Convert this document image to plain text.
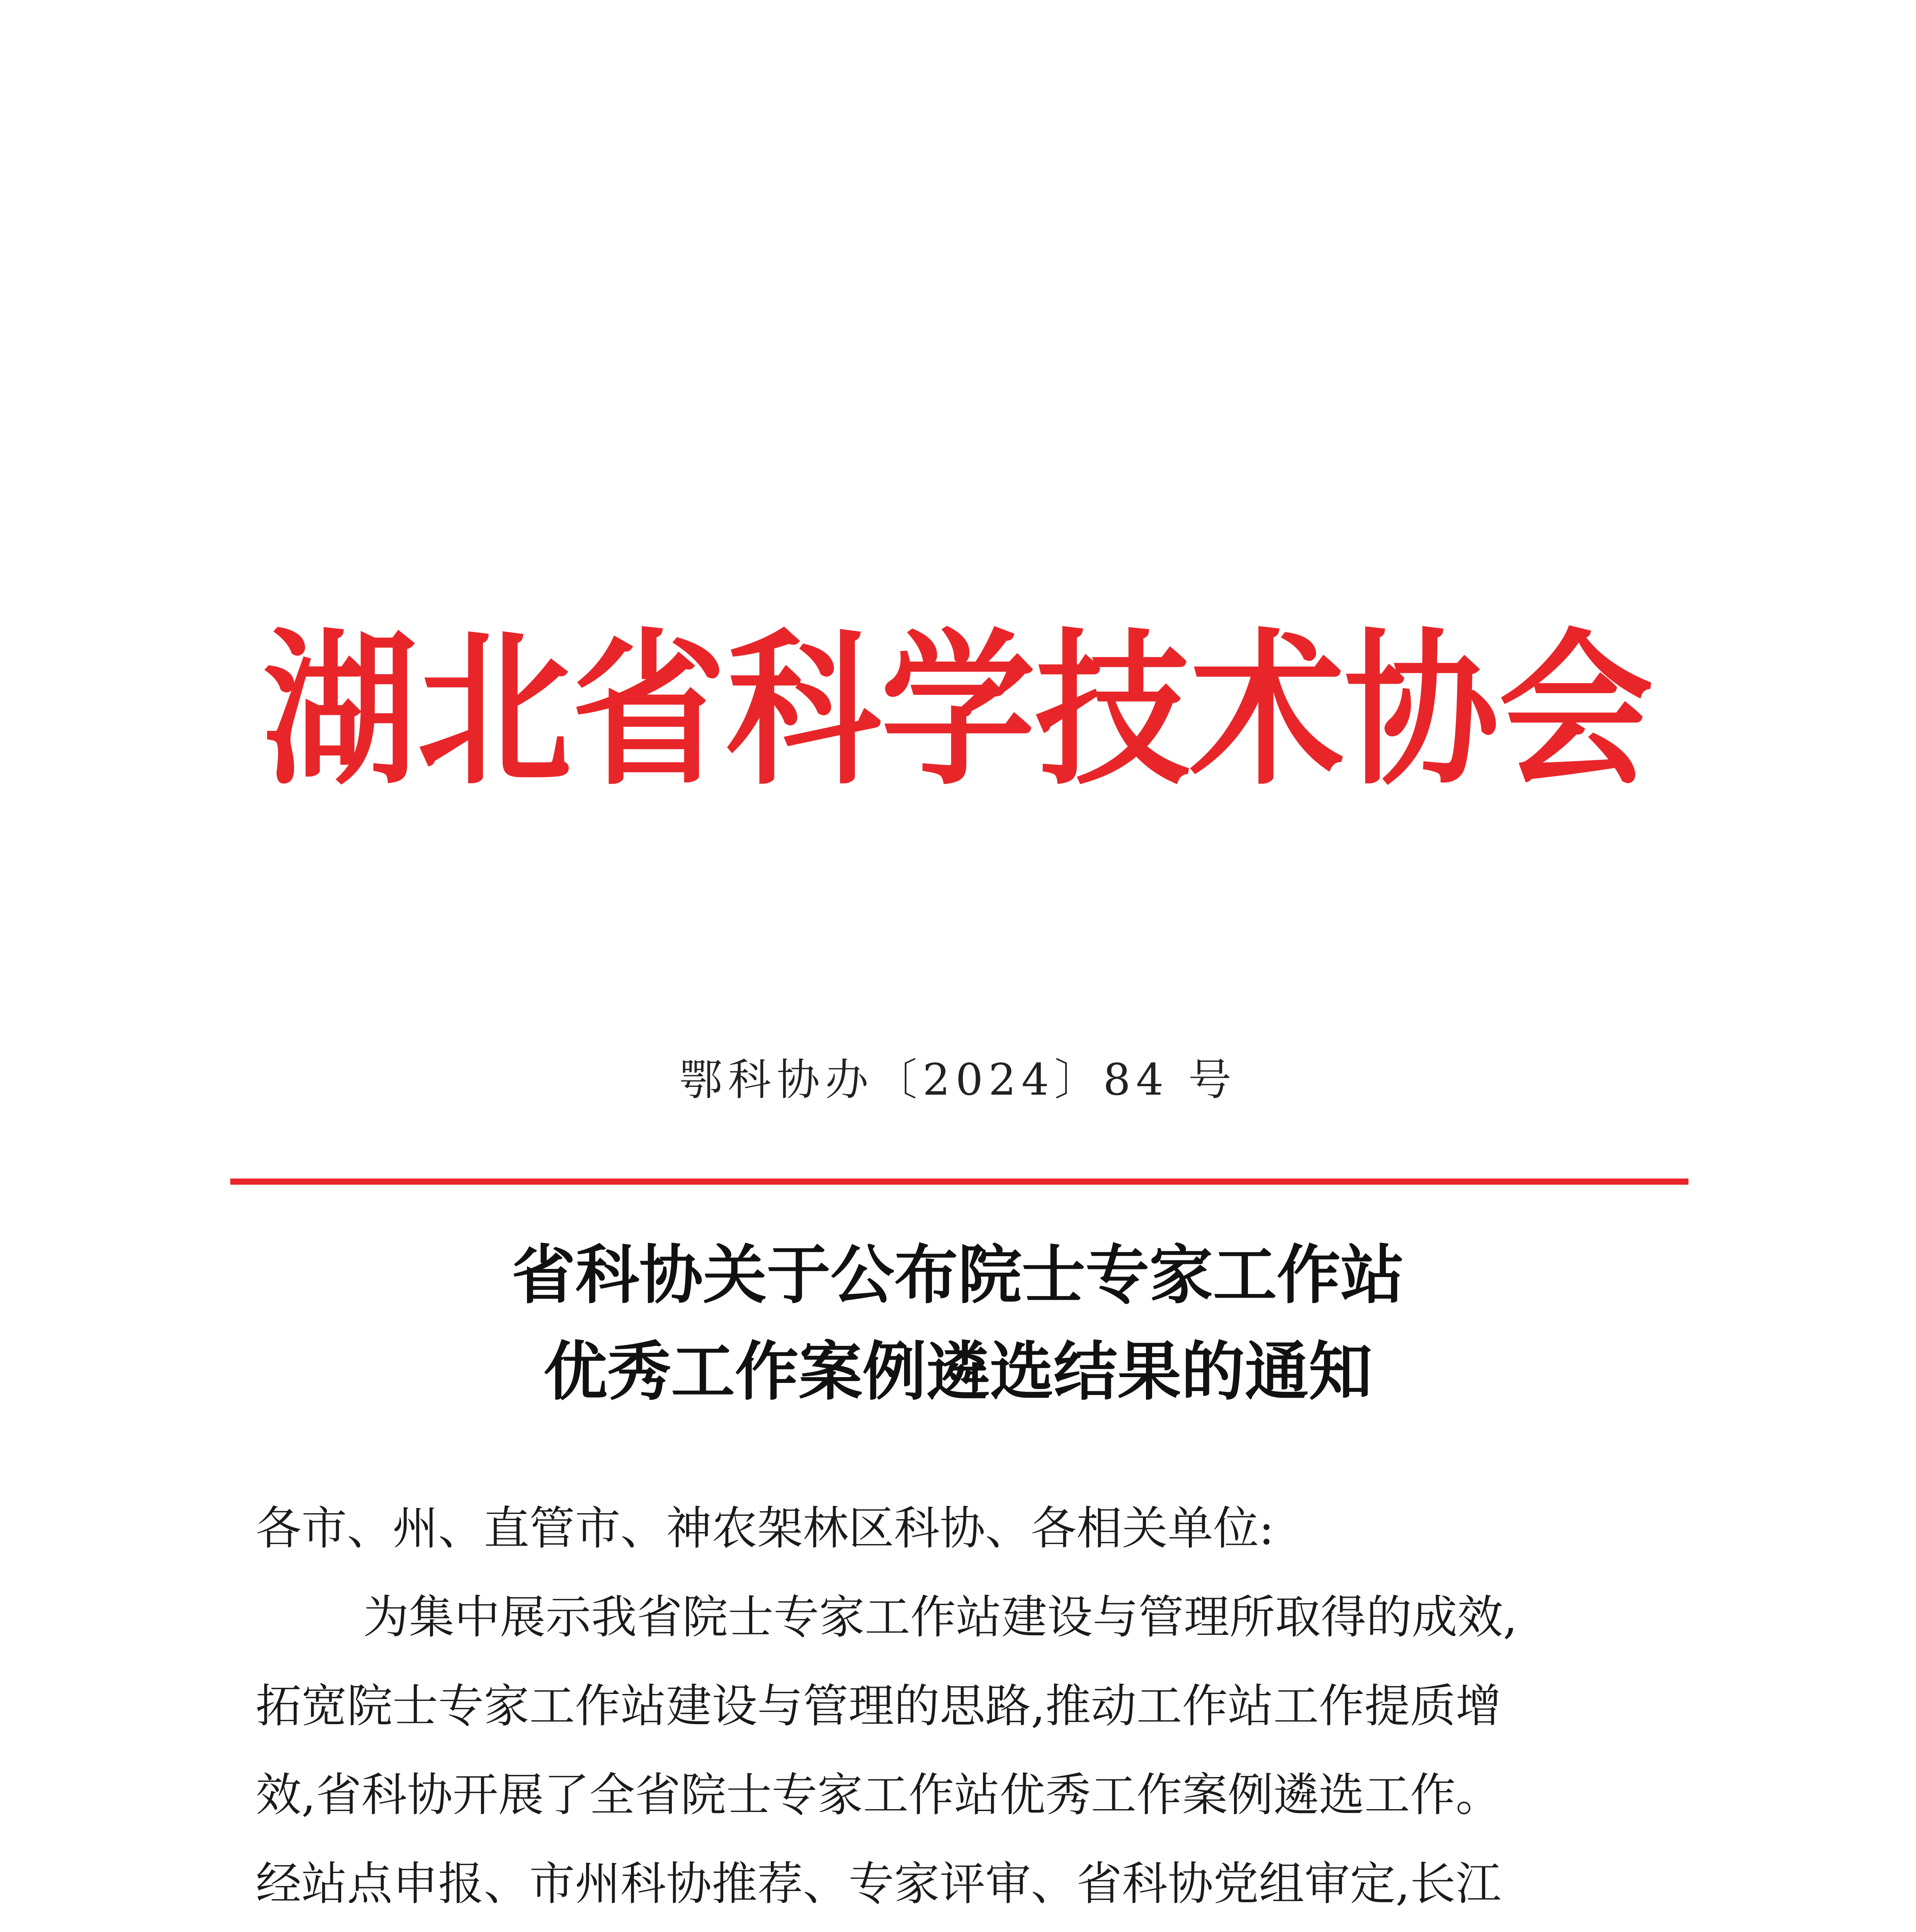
湖北省科学技术协会
鄂科协办〔2024〕84 号
省科协关于公布院士专家工作站
优秀工作案例遴选结果的通知
各市、州、直管市、神农架林区科协、各相关单位:
为集中展示我省院士专家工作站建设与管理所取得的成效,
拓宽院士专家工作站建设与管理的思路,推动工作站工作提质增
效,省科协开展了全省院士专家工作站优秀工作案例遴选工作。
经站点申报、市州科协推荐、专家评审、省科协党组审定,长江
